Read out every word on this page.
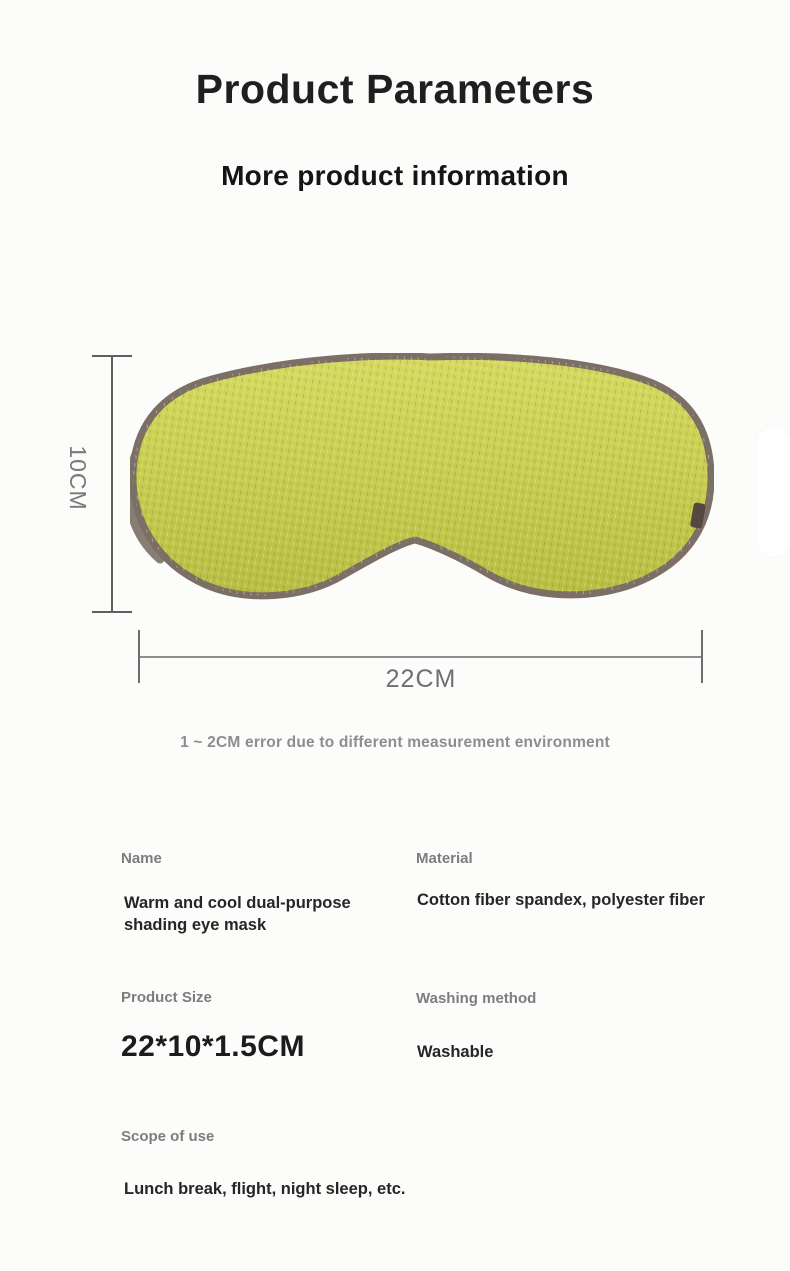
Product Parameters
More product information
10CM
22CM
1 ~ 2CM error due to different measurement environment
Name
Warm and cool dual-purpose shading eye mask
Material
Cotton fiber spandex, polyester fiber
Product Size
22*10*1.5CM
Washing method
Washable
Scope of use
Lunch break, flight, night sleep, etc.
